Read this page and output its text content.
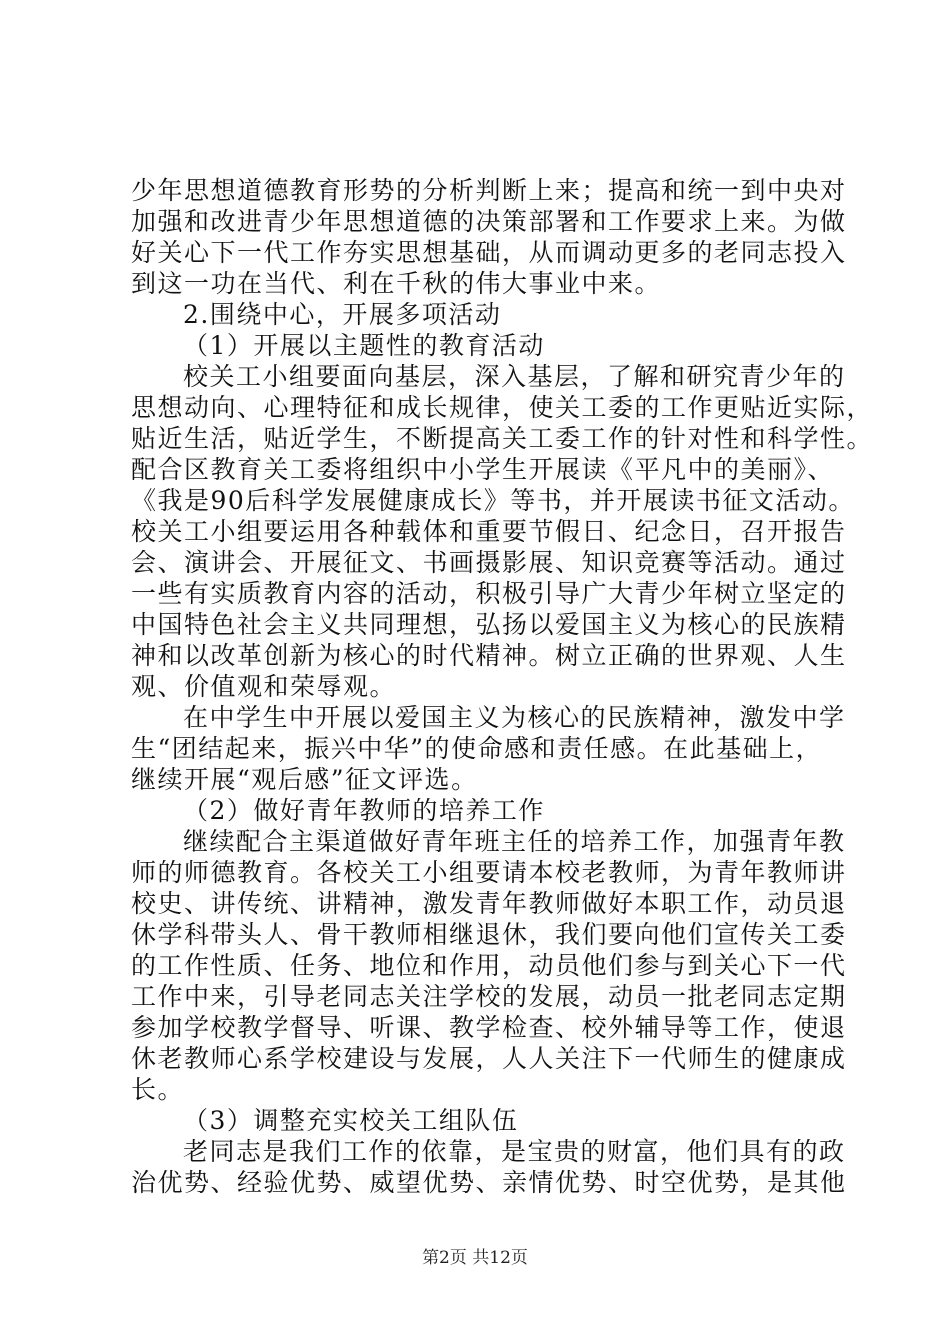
少年思想道德教育形势的分析判断上来；提高和统一到中央对
加强和改进青少年思想道德的决策部署和工作要求上来。为做
好关心下一代工作夯实思想基础，从而调动更多的老同志投入
到这一功在当代、利在千秋的伟大事业中来。
2.围绕中心，开展多项活动
（1）开展以主题性的教育活动
校关工小组要面向基层，深入基层，了解和研究青少年的
思想动向、心理特征和成长规律，使关工委的工作更贴近实际，
贴近生活，贴近学生，不断提高关工委工作的针对性和科学性。
配合区教育关工委将组织中小学生开展读《平凡中的美丽》、
《我是90后科学发展健康成长》等书，并开展读书征文活动。
校关工小组要运用各种载体和重要节假日、纪念日，召开报告
会、演讲会、开展征文、书画摄影展、知识竞赛等活动。通过
一些有实质教育内容的活动，积极引导广大青少年树立坚定的
中国特色社会主义共同理想，弘扬以爱国主义为核心的民族精
神和以改革创新为核心的时代精神。树立正确的世界观、人生
观、价值观和荣辱观。
在中学生中开展以爱国主义为核心的民族精神，激发中学
生“团结起来，振兴中华”的使命感和责任感。在此基础上，
继续开展“观后感”征文评选。
（2）做好青年教师的培养工作
继续配合主渠道做好青年班主任的培养工作，加强青年教
师的师德教育。各校关工小组要请本校老教师，为青年教师讲
校史、讲传统、讲精神，激发青年教师做好本职工作，动员退
休学科带头人、骨干教师相继退休，我们要向他们宣传关工委
的工作性质、任务、地位和作用，动员他们参与到关心下一代
工作中来，引导老同志关注学校的发展，动员一批老同志定期
参加学校教学督导、听课、教学检查、校外辅导等工作，使退
休老教师心系学校建设与发展，人人关注下一代师生的健康成
长。
（3）调整充实校关工组队伍
老同志是我们工作的依靠，是宝贵的财富，他们具有的政
治优势、经验优势、威望优势、亲情优势、时空优势，是其他
第2页 共12页
